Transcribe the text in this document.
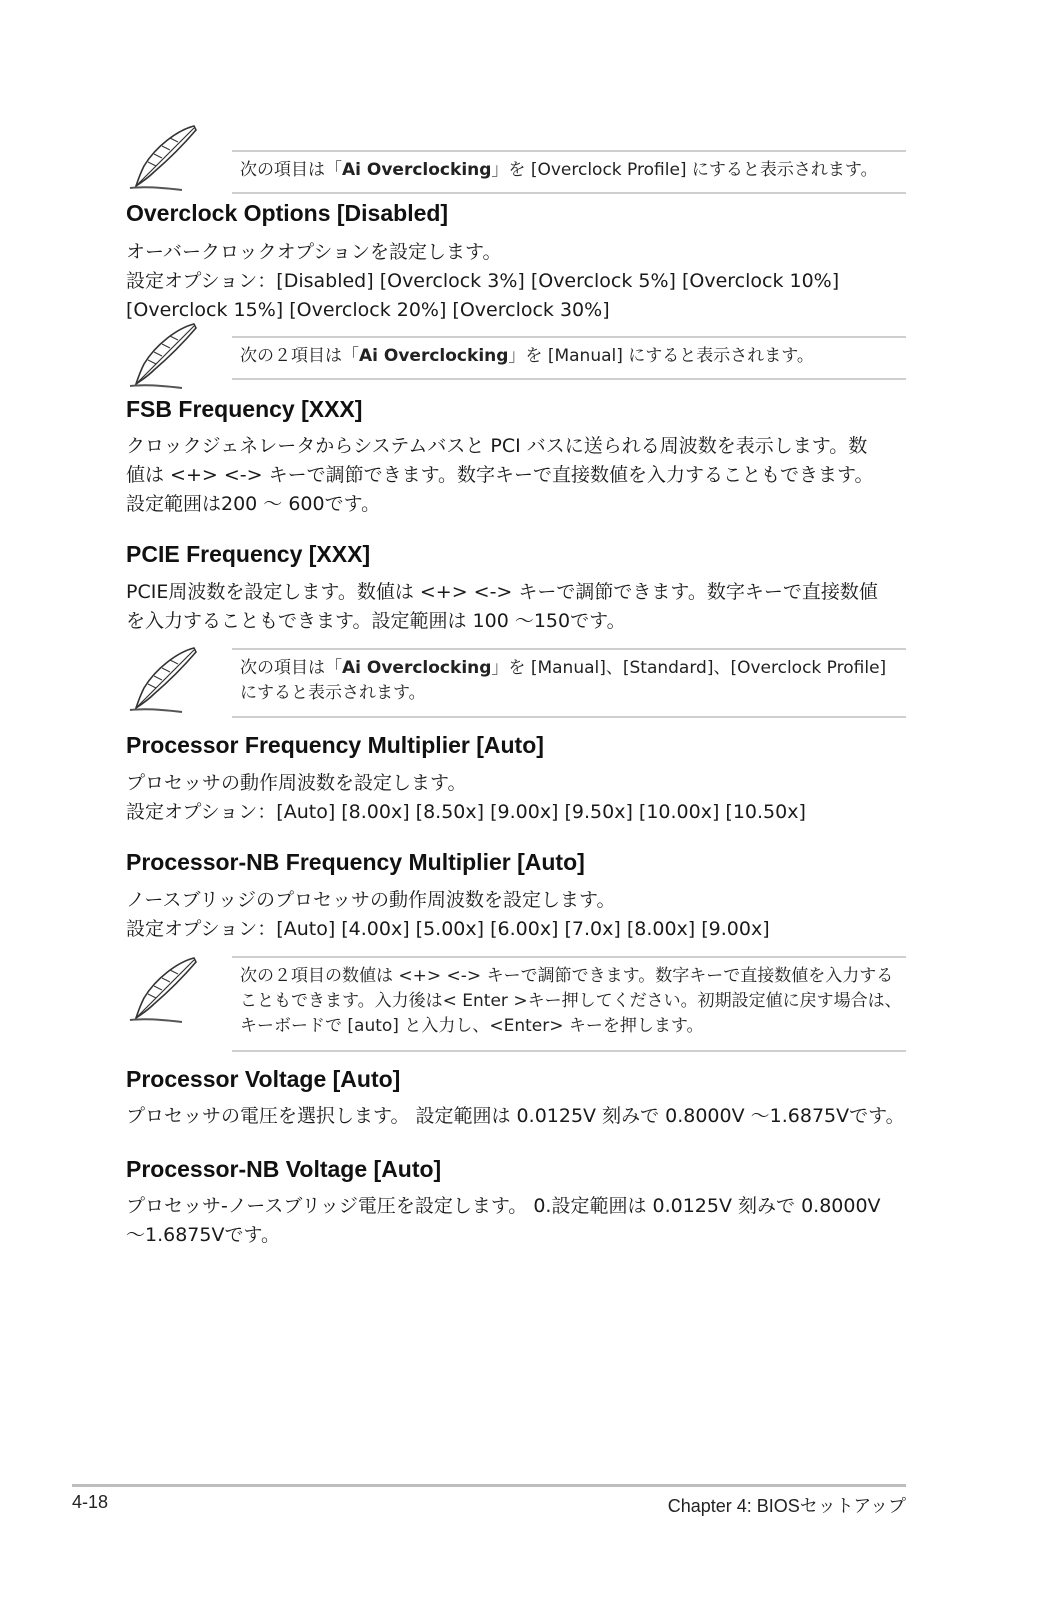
次の項目は「Ai Overclocking」を [Overclock Profile] にすると表示されます。
Overclock Options [Disabled]

オーバークロックオプションを設定します。
設定オプション：[Disabled] [Overclock 3%] [Overclock 5%] [Overclock 10%]
[Overclock 15%] [Overclock 20%] [Overclock 30%]

次の２項目は「Ai Overclocking」を [Manual] にすると表示されます。
FSB Frequency [XXX]

クロックジェネレータからシステムバスと PCI バスに送られる周波数を表示します。数
値は <+> <-> キーで調節できます。数字キーで直接数値を入力することもできます。
設定範囲は200 ～ 600です。

PCIE Frequency [XXX]

PCIE周波数を設定します。数値は <+> <-> キーで調節できます。数字キーで直接数値
を入力することもできます。設定範囲は 100 ～150です。

次の項目は「Ai Overclocking」を [Manual]、[Standard]、[Overclock Profile] にすると表示されます。
Processor Frequency Multiplier [Auto]

プロセッサの動作周波数を設定します。
設定オプション：[Auto] [8.00x] [8.50x] [9.00x] [9.50x] [10.00x] [10.50x]

Processor-NB Frequency Multiplier [Auto]

ノースブリッジのプロセッサの動作周波数を設定します。
設定オプション：[Auto] [4.00x] [5.00x] [6.00x] [7.0x] [8.00x] [9.00x]

次の２項目の数値は <+> <-> キーで調節できます。数字キーで直接数値を入力することもできます。入力後は< Enter >キー押してください。初期設定値に戻す場合は、キーボードで [auto] と入力し、<Enter> キーを押します。
Processor Voltage [Auto]

プロセッサの電圧を選択します。 設定範囲は 0.0125V 刻みで 0.8000V ～1.6875Vです。

Processor-NB Voltage [Auto]

プロセッサ-ノースブリッジ電圧を設定します。 0.設定範囲は 0.0125V 刻みで 0.8000V
～1.6875Vです。

4-18	Chapter 4: BIOSセットアップ
